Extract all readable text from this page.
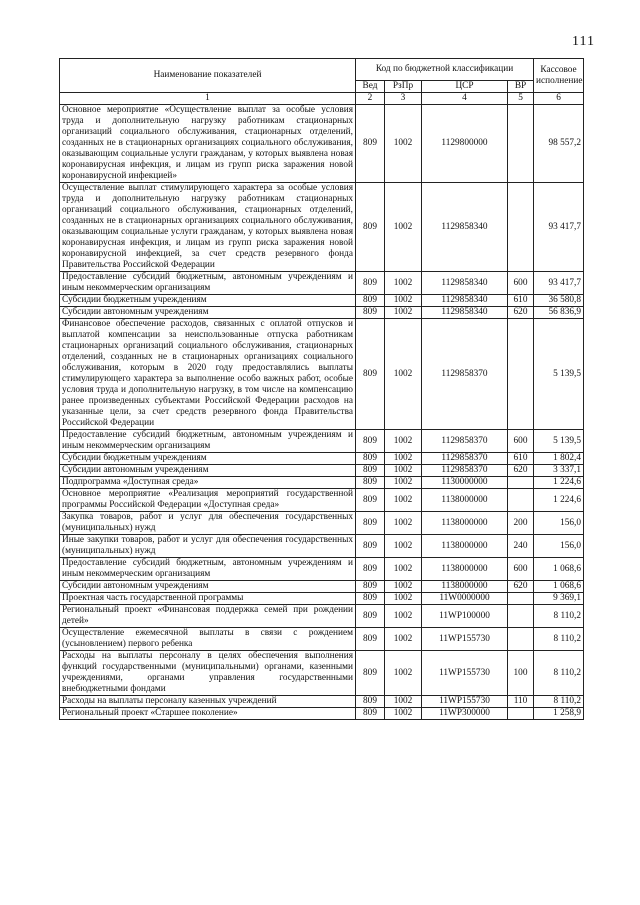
111
Наименование показателей	Код по бюджетной классификации				Кассовое исполнение
	Вед	РзПр	ЦСР	ВР	
1	2	3	4	5	6
Основное мероприятие «Осуществление выплат за особые условия труда и дополнительную нагрузку работникам стационарных организаций социального обслуживания, стационарных отделений, созданных не в стационарных организациях социального обслуживания, оказывающим социальные услуги гражданам, у которых выявлена новая коронавирусная инфекция, и лицам из групп риска заражения новой коронавирусной инфекцией»	809	1002	1129800000		98 557,2
Осуществление выплат стимулирующего характера за особые условия труда и дополнительную нагрузку работникам стационарных организаций социального обслуживания, стационарных отделений, созданных не в стационарных организациях социального обслуживания, оказывающим социальные услуги гражданам, у которых выявлена новая коронавирусная инфекция, и лицам из групп риска заражения новой коронавирусной инфекцией, за счет средств резервного фонда Правительства Российской Федерации	809	1002	1129858340		93 417,7
Предоставление субсидий бюджетным, автономным учреждениям и иным некоммерческим организациям	809	1002	1129858340	600	93 417,7
Субсидии бюджетным учреждениям	809	1002	1129858340	610	36 580,8
Субсидии автономным учреждениям	809	1002	1129858340	620	56 836,9
Финансовое обеспечение расходов, связанных с оплатой отпусков и выплатой компенсации за неиспользованные отпуска работникам стационарных организаций социального обслуживания, стационарных отделений, созданных не в стационарных организациях социального обслуживания, которым в 2020 году предоставлялись выплаты стимулирующего характера за выполнение особо важных работ, особые условия труда и дополнительную нагрузку, в том числе на компенсацию ранее произведенных субъектами Российской Федерации расходов на указанные цели, за счет средств резервного фонда Правительства Российской Федерации	809	1002	1129858370		5 139,5
Предоставление субсидий бюджетным, автономным учреждениям и иным некоммерческим организациям	809	1002	1129858370	600	5 139,5
Субсидии бюджетным учреждениям	809	1002	1129858370	610	1 802,4
Субсидии автономным учреждениям	809	1002	1129858370	620	3 337,1
Подпрограмма «Доступная среда»	809	1002	1130000000		1 224,6
Основное мероприятие «Реализация мероприятий государственной программы Российской Федерации «Доступная среда»	809	1002	1138000000		1 224,6
Закупка товаров, работ и услуг для обеспечения государственных (муниципальных) нужд	809	1002	1138000000	200	156,0
Иные закупки товаров, работ и услуг для обеспечения государственных (муниципальных) нужд	809	1002	1138000000	240	156,0
Предоставление субсидий бюджетным, автономным учреждениям и иным некоммерческим организациям	809	1002	1138000000	600	1 068,6
Субсидии автономным учреждениям	809	1002	1138000000	620	1 068,6
Проектная часть государственной программы	809	1002	11W0000000		9 369,1
Региональный проект «Финансовая поддержка семей при рождении детей»	809	1002	11WP100000		8 110,2
Осуществление ежемесячной выплаты в связи с рождением (усыновлением) первого ребенка	809	1002	11WP155730		8 110,2
Расходы на выплаты персоналу в целях обеспечения выполнения функций государственными (муниципальными) органами, казенными учреждениями, органами управления государственными внебюджетными фондами	809	1002	11WP155730	100	8 110,2
Расходы на выплаты персоналу казенных учреждений	809	1002	11WP155730	110	8 110,2
Региональный проект «Старшее поколение»	809	1002	11WP300000		1 258,9
